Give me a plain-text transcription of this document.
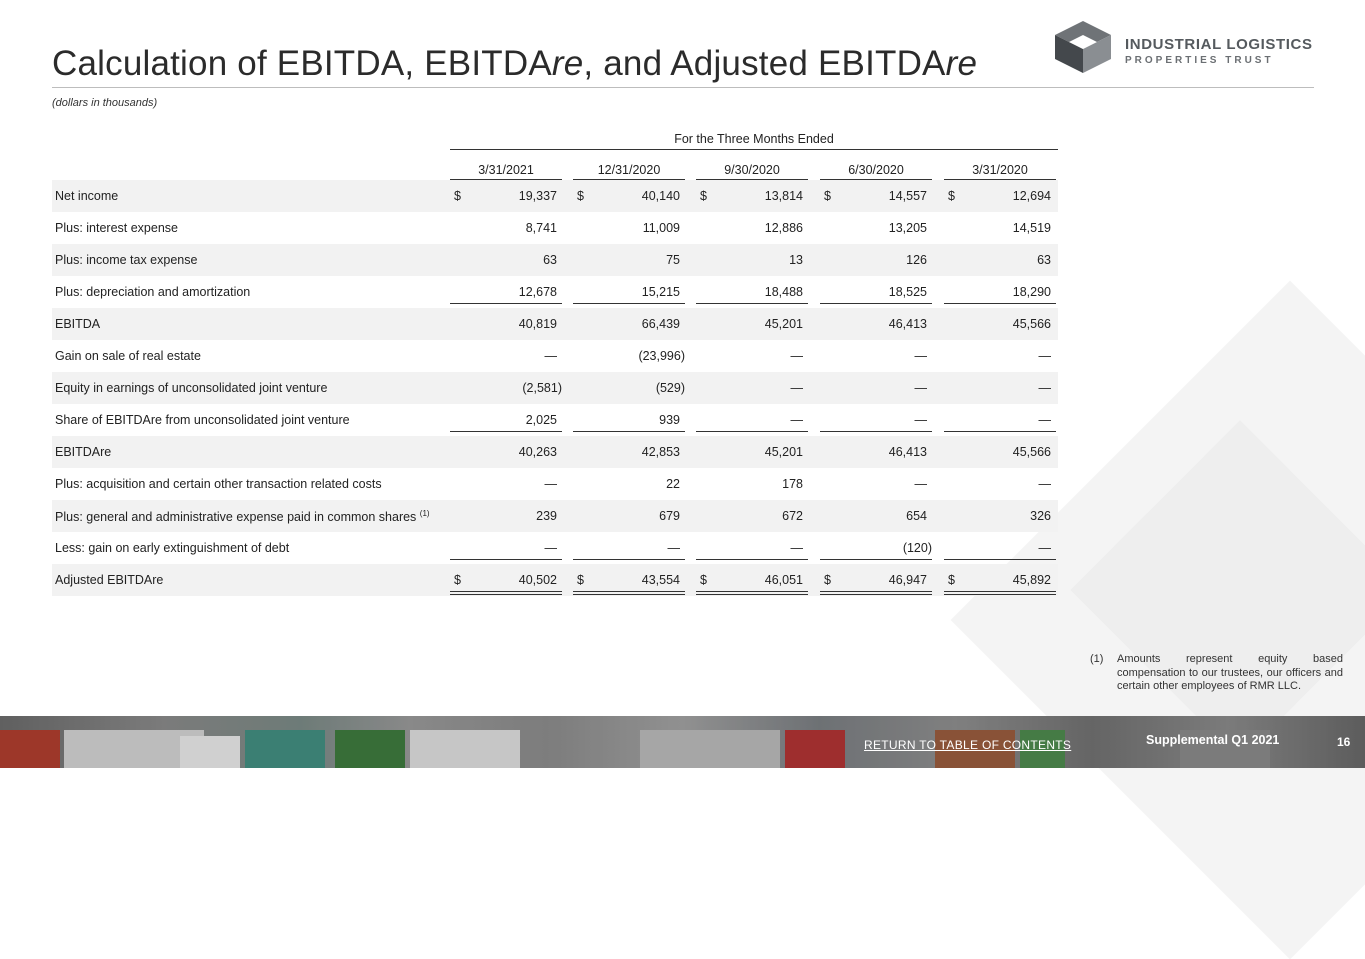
Calculation of EBITDA, EBITDAre, and Adjusted EBITDAre
(dollars in thousands)
INDUSTRIAL LOGISTICS
PROPERTIES TRUST
For the Three Months Ended
3/31/2021	12/31/2020	9/30/2020	6/30/2020	3/31/2020
Net income	$	19,337 $	40,140 $	13,814 $	14,557 $	12,694
Plus: interest expense	8,741	11,009	12,886	13,205	14,519
Plus: income tax expense	63	75	13	126	63
Plus: depreciation and amortization	12,678	15,215	18,488	18,525	18,290
EBITDA	40,819	66,439	45,201	46,413	45,566
Gain on sale of real estate	—	(23,996)	—	—	—
Equity in earnings of unconsolidated joint venture	(2,581)	(529)	—	—	—
Share of EBITDAre from unconsolidated joint venture	2,025	939	—	—	—
EBITDAre	40,263	42,853	45,201	46,413	45,566
Plus: acquisition and certain other transaction related costs	—	22	178	—	—
Plus: general and administrative expense paid in common shares $^{(1)}$	239	679	672	654	326
Less: gain on early extinguishment of debt	—	—	—	(120)	—
Adjusted EBITDAre	$	40,502 $	43,554 $	46,051 $	46,947 $	45,892
(1) Amounts represent equity based compensation to our trustees, our officers and certain other employees of RMR LLC.
RETURN TO TABLE OF CONTENTS	Supplemental Q1 2021	16
